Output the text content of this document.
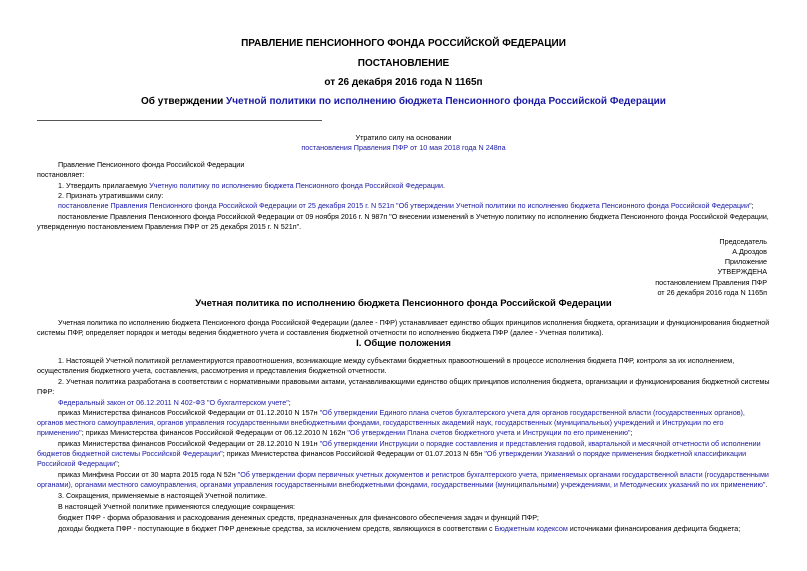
ПРАВЛЕНИЕ ПЕНСИОННОГО ФОНДА РОССИЙСКОЙ ФЕДЕРАЦИИ
ПОСТАНОВЛЕНИЕ
от 26 декабря 2016 года N 1165п
Об утверждении Учетной политики по исполнению бюджета Пенсионного фонда Российской Федерации
Утратило силу на основании
постановления Правления ПФР от 10 мая 2018 года N 248па
Правление Пенсионного фонда Российской Федерации
постановляет:
1. Утвердить прилагаемую Учетную политику по исполнению бюджета Пенсионного фонда Российской Федерации.
2. Признать утратившими силу:
постановление Правления Пенсионного фонда Российской Федерации от 25 декабря 2015 г. N 521п "Об утверждении Учетной политики по исполнению бюджета Пенсионного фонда Российской Федерации";
постановление Правления Пенсионного фонда Российской Федерации от 09 ноября 2016 г. N 987п "О внесении изменений в Учетную политику по исполнению бюджета Пенсионного фонда Российской Федерации,
утвержденную постановлением Правления ПФР от 25 декабря 2015 г. N 521п".
Председатель
А.Дроздов
Приложение
УТВЕРЖДЕНА
постановлением Правления ПФР
от 26 декабря 2016 года N 1165п
Учетная политика по исполнению бюджета Пенсионного фонда Российской Федерации
Учетная политика по исполнению бюджета Пенсионного фонда Российской Федерации (далее - ПФР) устанавливает единство общих принципов исполнения бюджета, организации и функционирования бюджетной
системы ПФР, определяет порядок и методы ведения бюджетного учета и составления бюджетной отчетности по исполнению бюджета ПФР (далее - Учетная политика).
I. Общие положения
1. Настоящей Учетной политикой регламентируются правоотношения, возникающие между субъектами бюджетных правоотношений в процессе исполнения бюджета ПФР, контроля за их исполнением,
осуществления бюджетного учета, составления, рассмотрения и представления бюджетной отчетности.
2. Учетная политика разработана в соответствии с нормативными правовыми актами, устанавливающими единство общих принципов исполнения бюджета, организации и функционирования бюджетной системы
ПФР:
Федеральный закон от 06.12.2011 N 402-ФЗ "О бухгалтерском учете";
приказ Министерства финансов Российской Федерации от 01.12.2010 N 157н "Об утверждении Единого плана счетов бухгалтерского учета для органов государственной власти (государственных органов),
органов местного самоуправления, органов управления государственными внебюджетными фондами, государственных академий наук, государственных (муниципальных) учреждений и Инструкции по его
применению"; приказ Министерства финансов Российской Федерации от 06.12.2010 N 162н "Об утверждении Плана счетов бюджетного учета и Инструкции по его применению";
приказ Министерства финансов Российской Федерации от 28.12.2010 N 191н "Об утверждении Инструкции о порядке составления и представления годовой, квартальной и месячной отчетности об исполнении
бюджетов бюджетной системы Российской Федерации"; приказ Министерства финансов Российской Федерации от 01.07.2013 N 65н "Об утверждении Указаний о порядке применения бюджетной классификации
Российской Федерации";
приказ Минфина России от 30 марта 2015 года N 52н "Об утверждении форм первичных учетных документов и регистров бухгалтерского учета, применяемых органами государственной власти (государственными
органами), органами местного самоуправления, органами управления государственными внебюджетными фондами, государственными (муниципальными) учреждениями, и Методических указаний по их применению".
3. Сокращения, применяемые в настоящей Учетной политике.
В настоящей Учетной политике применяются следующие сокращения:
бюджет ПФР - форма образования и расходования денежных средств, предназначенных для финансового обеспечения задач и функций ПФР;
доходы бюджета ПФР - поступающие в бюджет ПФР денежные средства, за исключением средств, являющихся в соответствии с Бюджетным кодексом источниками финансирования дефицита бюджета;
